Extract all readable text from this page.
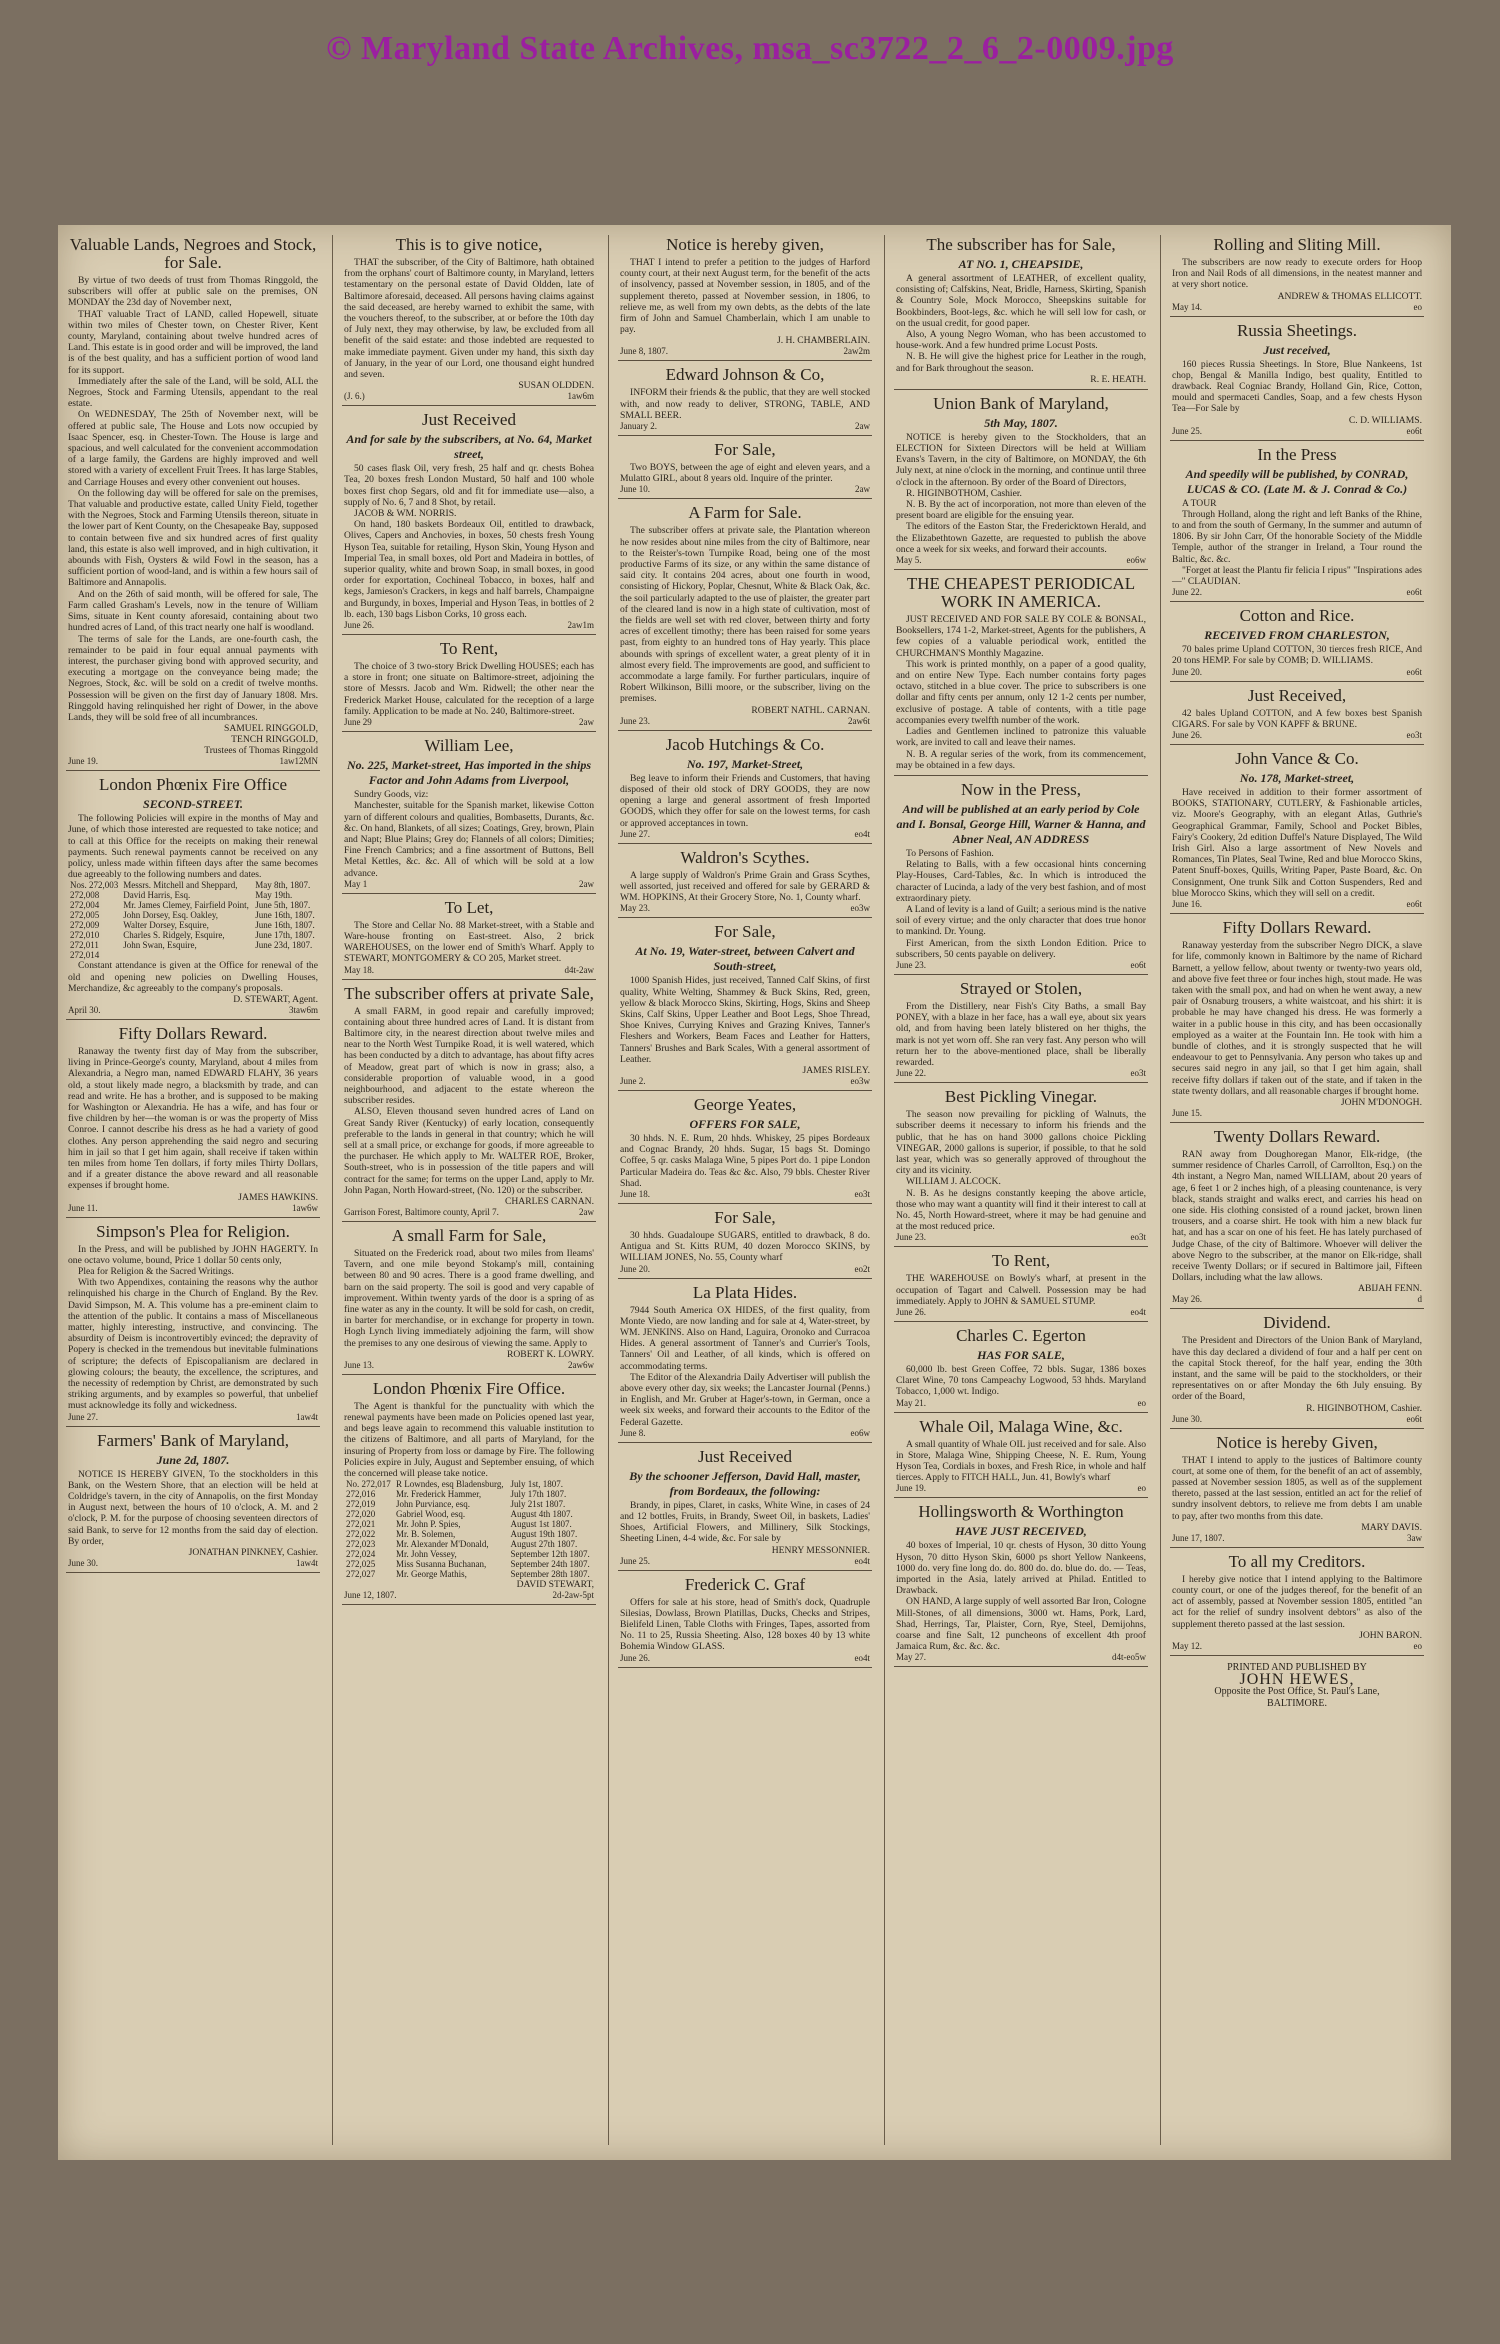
© Maryland State Archives, msa_sc3722_2_6_2-0009.jpg
Valuable Lands, Negroes and Stock, for Sale.

By virtue of two deeds of trust from Thomas Ringgold, the subscribers will offer at public sale on the premises, ON MONDAY the 23d day of November next,

THAT valuable Tract of LAND, called Hopewell, situate within two miles of Chester town, on Chester River, Kent county, Maryland, containing about twelve hundred acres of Land. This estate is in good order and will be improved, the land is of the best quality, and has a sufficient portion of wood land for its support.

Immediately after the sale of the Land, will be sold, ALL the Negroes, Stock and Farming Utensils, appendant to the real estate.

On WEDNESDAY, The 25th of November next, will be offered at public sale, The House and Lots now occupied by Isaac Spencer, esq. in Chester-Town. The House is large and spacious, and well calculated for the convenient accommodation of a large family, the Gardens are highly improved and well stored with a variety of excellent Fruit Trees. It has large Stables, and Carriage Houses and every other convenient out houses.

On the following day will be offered for sale on the premises, That valuable and productive estate, called Unity Field, together with the Negroes, Stock and Farming Utensils thereon, situate in the lower part of Kent County, on the Chesapeake Bay, supposed to contain between five and six hundred acres of first quality land, this estate is also well improved, and in high cultivation, it abounds with Fish, Oysters & wild Fowl in the season, has a sufficient portion of wood-land, and is within a few hours sail of Baltimore and Annapolis.

And on the 26th of said month, will be offered for sale, The Farm called Grasham's Levels, now in the tenure of William Sims, situate in Kent county aforesaid, containing about two hundred acres of Land, of this tract nearly one half is woodland.

The terms of sale for the Lands, are one-fourth cash, the remainder to be paid in four equal annual payments with interest, the purchaser giving bond with approved security, and executing a mortgage on the conveyance being made; the Negroes, Stock, &c. will be sold on a credit of twelve months. Possession will be given on the first day of January 1808. Mrs. Ringgold having relinquished her right of Dower, in the above Lands, they will be sold free of all incumbrances.

SAMUEL RINGGOLD,

TENCH RINGGOLD,

Trustees of Thomas Ringgold

June 19.	1aw12MN
London Phœnix Fire Office
SECOND-STREET.

The following Policies will expire in the months of May and June, of which those interested are requested to take notice; and to call at this Office for the receipts on making their renewal payments. Such renewal payments cannot be received on any policy, unless made within fifteen days after the same becomes due agreeably to the following numbers and dates.

Nos. 272,003	Messrs. Mitchell and Sheppard,	May 8th, 1807.
272,008	David Harris, Esq.	May 19th.
272,004	Mr. James Clemey, Fairfield Point,	June 5th, 1807.
272,005	John Dorsey, Esq. Oakley,	June 16th, 1807.
272,009	Walter Dorsey, Esquire,	June 16th, 1807.
272,010	Charles S. Ridgely, Esquire,	June 17th, 1807.
272,011	John Swan, Esquire,	June 23d, 1807.
272,014		

Constant attendance is given at the Office for renewal of the old and opening new policies on Dwelling Houses, Merchandize, &c agreeably to the company's proposals.

D. STEWART, Agent.

April 30.	3taw6m
Fifty Dollars Reward.

Ranaway the twenty first day of May from the subscriber, living in Prince-George's county, Maryland, about 4 miles from Alexandria, a Negro man, named EDWARD FLAHY, 36 years old, a stout likely made negro, a blacksmith by trade, and can read and write. He has a brother, and is supposed to be making for Washington or Alexandria. He has a wife, and has four or five children by her—the woman is or was the property of Miss Conroe. I cannot describe his dress as he had a variety of good clothes. Any person apprehending the said negro and securing him in jail so that I get him again, shall receive if taken within ten miles from home Ten dollars, if forty miles Thirty Dollars, and if a greater distance the above reward and all reasonable expenses if brought home.

JAMES HAWKINS.

June 11.	1aw6w
Simpson's Plea for Religion.

In the Press, and will be published by JOHN HAGERTY. In one octavo volume, bound, Price 1 dollar 50 cents only,

Plea for Religion & the Sacred Writings.

With two Appendixes, containing the reasons why the author relinquished his charge in the Church of England. By the Rev. David Simpson, M. A. This volume has a pre-eminent claim to the attention of the public. It contains a mass of Miscellaneous matter, highly interesting, instructive, and convincing. The absurdity of Deism is incontrovertibly evinced; the depravity of Popery is checked in the tremendous but inevitable fulminations of scripture; the defects of Episcopalianism are declared in glowing colours; the beauty, the excellence, the scriptures, and the necessity of redemption by Christ, are demonstrated by such striking arguments, and by examples so powerful, that unbelief must acknowledge its folly and wickedness.

June 27.	1aw4t
Farmers' Bank of Maryland,
June 2d, 1807.

NOTICE IS HEREBY GIVEN, To the stockholders in this Bank, on the Western Shore, that an election will be held at Coldridge's tavern, in the city of Annapolis, on the first Monday in August next, between the hours of 10 o'clock, A. M. and 2 o'clock, P. M. for the purpose of choosing seventeen directors of said Bank, to serve for 12 months from the said day of election. By order,

JONATHAN PINKNEY, Cashier.

June 30.	1aw4t
This is to give notice,

THAT the subscriber, of the City of Baltimore, hath obtained from the orphans' court of Baltimore county, in Maryland, letters testamentary on the personal estate of David Oldden, late of Baltimore aforesaid, deceased. All persons having claims against the said deceased, are hereby warned to exhibit the same, with the vouchers thereof, to the subscriber, at or before the 10th day of July next, they may otherwise, by law, be excluded from all benefit of the said estate: and those indebted are requested to make immediate payment. Given under my hand, this sixth day of January, in the year of our Lord, one thousand eight hundred and seven.

SUSAN OLDDEN.

(J. 6.)	1aw6m
Just Received
And for sale by the subscribers, at No. 64, Market street,

50 cases flask Oil, very fresh, 25 half and qr. chests Bohea Tea, 20 boxes fresh London Mustard, 50 half and 100 whole boxes first chop Segars, old and fit for immediate use—also, a supply of No. 6, 7 and 8 Shot, by retail.

JACOB & WM. NORRIS.

On hand, 180 baskets Bordeaux Oil, entitled to drawback, Olives, Capers and Anchovies, in boxes, 50 chests fresh Young Hyson Tea, suitable for retailing, Hyson Skin, Young Hyson and Imperial Tea, in small boxes, old Port and Madeira in bottles, of superior quality, white and brown Soap, in small boxes, in good order for exportation, Cochineal Tobacco, in boxes, half and kegs, Jamieson's Crackers, in kegs and half barrels, Champaigne and Burgundy, in boxes, Imperial and Hyson Teas, in bottles of 2 lb. each, 130 bags Lisbon Corks, 10 gross each.

June 26.	2aw1m
To Rent,

The choice of 3 two-story Brick Dwelling HOUSES; each has a store in front; one situate on Baltimore-street, adjoining the store of Messrs. Jacob and Wm. Ridwell; the other near the Frederick Market House, calculated for the reception of a large family. Application to be made at No. 240, Baltimore-street.

June 29	2aw
William Lee,
No. 225, Market-street, Has imported in the ships Factor and John Adams from Liverpool,

Sundry Goods, viz:

Manchester, suitable for the Spanish market, likewise Cotton yarn of different colours and qualities, Bombasetts, Durants, &c. &c. On hand, Blankets, of all sizes; Coatings, Grey, brown, Plain and Napt; Blue Plains; Grey do; Flannels of all colors; Dimities; Fine French Cambrics; and a fine assortment of Buttons, Bell Metal Kettles, &c. &c. All of which will be sold at a low advance.

May 1	2aw
To Let,

The Store and Cellar No. 88 Market-street, with a Stable and Ware-house fronting on East-street. Also, 2 brick WAREHOUSES, on the lower end of Smith's Wharf. Apply to STEWART, MONTGOMERY & CO 205, Market street.

May 18.	d4t-2aw
The subscriber offers at private Sale,

A small FARM, in good repair and carefully improved; containing about three hundred acres of Land. It is distant from Baltimore city, in the nearest direction about twelve miles and near to the North West Turnpike Road, it is well watered, which has been conducted by a ditch to advantage, has about fifty acres of Meadow, great part of which is now in grass; also, a considerable proportion of valuable wood, in a good neighbourhood, and adjacent to the estate whereon the subscriber resides.

ALSO, Eleven thousand seven hundred acres of Land on Great Sandy River (Kentucky) of early location, consequently preferable to the lands in general in that country; which he will sell at a small price, or exchange for goods, if more agreeable to the purchaser. He which apply to Mr. WALTER ROE, Broker, South-street, who is in possession of the title papers and will contract for the same; for terms on the upper Land, apply to Mr. John Pagan, North Howard-street, (No. 120) or the subscriber.

CHARLES CARNAN.

Garrison Forest, Baltimore county, April 7.	2aw
A small Farm for Sale,

Situated on the Frederick road, about two miles from Ileams' Tavern, and one mile beyond Stokamp's mill, containing between 80 and 90 acres. There is a good frame dwelling, and barn on the said property. The soil is good and very capable of improvement. Within twenty yards of the door is a spring of as fine water as any in the county. It will be sold for cash, on credit, in barter for merchandise, or in exchange for property in town. Hogh Lynch living immediately adjoining the farm, will show the premises to any one desirous of viewing the same. Apply to

ROBERT K. LOWRY.

June 13.	2aw6w
London Phœnix Fire Office.

The Agent is thankful for the punctuality with which the renewal payments have been made on Policies opened last year, and begs leave again to recommend this valuable institution to the citizens of Baltimore, and all parts of Maryland, for the insuring of Property from loss or damage by Fire. The following Policies expire in July, August and September ensuing, of which the concerned will please take notice.

No. 272,017	R Lowndes, esq Bladensburg,	July 1st, 1807.
272,016	Mr. Frederick Hammer,	July 17th 1807.
272,019	John Purviance, esq.	July 21st 1807.
272,020	Gabriel Wood, esq.	August 4th 1807.
272,021	Mr. John P. Spies,	August 1st 1807.
272,022	Mr. B. Solemen,	August 19th 1807.
272,023	Mr. Alexander M'Donald,	August 27th 1807.
272,024	Mr. John Vessey,	September 12th 1807.
272,025	Miss Susanna Buchanan,	September 24th 1807.
272,027	Mr. George Mathis,	September 28th 1807.

DAVID STEWART,

June 12, 1807.	2d-2aw-5pt
Notice is hereby given,

THAT I intend to prefer a petition to the judges of Harford county court, at their next August term, for the benefit of the acts of insolvency, passed at November session, in 1805, and of the supplement thereto, passed at November session, in 1806, to relieve me, as well from my own debts, as the debts of the late firm of John and Samuel Chamberlain, which I am unable to pay.

J. H. CHAMBERLAIN.

June 8, 1807.	2aw2m
Edward Johnson & Co,

INFORM their friends & the public, that they are well stocked with, and now ready to deliver, STRONG, TABLE, AND SMALL BEER.

January 2.	2aw
For Sale,

Two BOYS, between the age of eight and eleven years, and a Mulatto GIRL, about 8 years old. Inquire of the printer.

June 10.	2aw
A Farm for Sale.

The subscriber offers at private sale, the Plantation whereon he now resides about nine miles from the city of Baltimore, near to the Reister's-town Turnpike Road, being one of the most productive Farms of its size, or any within the same distance of said city. It contains 204 acres, about one fourth in wood, consisting of Hickory, Poplar, Chesnut, White & Black Oak, &c. the soil particularly adapted to the use of plaister, the greater part of the cleared land is now in a high state of cultivation, most of the fields are well set with red clover, between thirty and forty acres of excellent timothy; there has been raised for some years past, from eighty to an hundred tons of Hay yearly. This place abounds with springs of excellent water, a great plenty of it in almost every field. The improvements are good, and sufficient to accommodate a large family. For further particulars, inquire of Robert Wilkinson, Billi moore, or the subscriber, living on the premises.

ROBERT NATHL. CARNAN.

June 23.	2aw6t
Jacob Hutchings & Co.
No. 197, Market-Street,

Beg leave to inform their Friends and Customers, that having disposed of their old stock of DRY GOODS, they are now opening a large and general assortment of fresh Imported GOODS, which they offer for sale on the lowest terms, for cash or approved acceptances in town.

June 27.	eo4t
Waldron's Scythes.

A large supply of Waldron's Prime Grain and Grass Scythes, well assorted, just received and offered for sale by GERARD & WM. HOPKINS, At their Grocery Store, No. 1, County wharf.

May 23.	eo3w
For Sale,
At No. 19, Water-street, between Calvert and South-street,

1000 Spanish Hides, just received, Tanned Calf Skins, of first quality, White Welting, Shammey & Buck Skins, Red, green, yellow & black Morocco Skins, Skirting, Hogs, Skins and Sheep Skins, Calf Skins, Upper Leather and Boot Legs, Shoe Thread, Shoe Knives, Currying Knives and Grazing Knives, Tanner's Fleshers and Workers, Beam Faces and Leather for Hatters, Tanners' Brushes and Bark Scales, With a general assortment of Leather.

JAMES RISLEY.

June 2.	eo3w
George Yeates,
OFFERS FOR SALE,

30 hhds. N. E. Rum, 20 hhds. Whiskey, 25 pipes Bordeaux and Cognac Brandy, 20 hhds. Sugar, 15 bags St. Domingo Coffee, 5 qr. casks Malaga Wine, 5 pipes Port do. 1 pipe London Particular Madeira do. Teas &c &c. Also, 79 bbls. Chester River Shad.

June 18.	eo3t
For Sale,

30 hhds. Guadaloupe SUGARS, entitled to drawback, 8 do. Antigua and St. Kitts RUM, 40 dozen Morocco SKINS, by WILLIAM JONES, No. 55, County wharf

June 20.	eo2t
La Plata Hides.

7944 South America OX HIDES, of the first quality, from Monte Viedo, are now landing and for sale at 4, Water-street, by WM. JENKINS. Also on Hand, Laguira, Oronoko and Curracoa Hides. A general assortment of Tanner's and Currier's Tools, Tanners' Oil and Leather, of all kinds, which is offered on accommodating terms.

The Editor of the Alexandria Daily Advertiser will publish the above every other day, six weeks; the Lancaster Journal (Penns.) in English, and Mr. Gruber at Hager's-town, in German, once a week six weeks, and forward their accounts to the Editor of the Federal Gazette.

June 8.	eo6w
Just Received
By the schooner Jefferson, David Hall, master, from Bordeaux, the following:

Brandy, in pipes, Claret, in casks, White Wine, in cases of 24 and 12 bottles, Fruits, in Brandy, Sweet Oil, in baskets, Ladies' Shoes, Artificial Flowers, and Millinery, Silk Stockings, Sheeting Linen, 4-4 wide, &c. For sale by

HENRY MESSONNIER.

June 25.	eo4t
Frederick C. Graf

Offers for sale at his store, head of Smith's dock, Quadruple Silesias, Dowlass, Brown Platillas, Ducks, Checks and Stripes, Bielifeld Linen, Table Cloths with Fringes, Tapes, assorted from No. 11 to 25, Russia Sheeting. Also, 128 boxes 40 by 13 white Bohemia Window GLASS.

June 26.	eo4t
The subscriber has for Sale,
AT NO. 1, CHEAPSIDE,

A general assortment of LEATHER, of excellent quality, consisting of; Calfskins, Neat, Bridle, Harness, Skirting, Spanish & Country Sole, Mock Morocco, Sheepskins suitable for Bookbinders, Boot-legs, &c. which he will sell low for cash, or on the usual credit, for good paper.

Also, A young Negro Woman, who has been accustomed to house-work. And a few hundred prime Locust Posts.

N. B. He will give the highest price for Leather in the rough, and for Bark throughout the season.

R. E. HEATH.

Union Bank of Maryland,
5th May, 1807.

NOTICE is hereby given to the Stockholders, that an ELECTION for Sixteen Directors will be held at William Evans's Tavern, in the city of Baltimore, on MONDAY, the 6th July next, at nine o'clock in the morning, and continue until three o'clock in the afternoon. By order of the Board of Directors,

R. HIGINBOTHOM, Cashier.

N. B. By the act of incorporation, not more than eleven of the present board are eligible for the ensuing year.

The editors of the Easton Star, the Fredericktown Herald, and the Elizabethtown Gazette, are requested to publish the above once a week for six weeks, and forward their accounts.

May 5.	eo6w
THE CHEAPEST PERIODICAL WORK IN AMERICA.

JUST RECEIVED AND FOR SALE BY COLE & BONSAL, Booksellers, 174 1-2, Market-street, Agents for the publishers, A few copies of a valuable periodical work, entitled the CHURCHMAN'S Monthly Magazine.

This work is printed monthly, on a paper of a good quality, and on entire New Type. Each number contains forty pages octavo, stitched in a blue cover. The price to subscribers is one dollar and fifty cents per annum, only 12 1-2 cents per number, exclusive of postage. A table of contents, with a title page accompanies every twelfth number of the work.

Ladies and Gentlemen inclined to patronize this valuable work, are invited to call and leave their names.

N. B. A regular series of the work, from its commencement, may be obtained in a few days.

Now in the Press,
And will be published at an early period by Cole and I. Bonsal, George Hill, Warner & Hanna, and Abner Neal, AN ADDRESS

To Persons of Fashion.

Relating to Balls, with a few occasional hints concerning Play-Houses, Card-Tables, &c. In which is introduced the character of Lucinda, a lady of the very best fashion, and of most extraordinary piety.

A Land of levity is a land of Guilt; a serious mind is the native soil of every virtue; and the only character that does true honor to mankind. Dr. Young.

First American, from the sixth London Edition. Price to subscribers, 50 cents payable on delivery.

June 23.	eo6t
Strayed or Stolen,

From the Distillery, near Fish's City Baths, a small Bay PONEY, with a blaze in her face, has a wall eye, about six years old, and from having been lately blistered on her thighs, the mark is not yet worn off. She ran very fast. Any person who will return her to the above-mentioned place, shall be liberally rewarded.

June 22.	eo3t
Best Pickling Vinegar.

The season now prevailing for pickling of Walnuts, the subscriber deems it necessary to inform his friends and the public, that he has on hand 3000 gallons choice Pickling VINEGAR, 2000 gallons is superior, if possible, to that he sold last year, which was so generally approved of throughout the city and its vicinity.

WILLIAM J. ALCOCK.

N. B. As he designs constantly keeping the above article, those who may want a quantity will find it their interest to call at No. 45, North Howard-street, where it may be had genuine and at the most reduced price.

June 23.	eo3t
To Rent,

THE WAREHOUSE on Bowly's wharf, at present in the occupation of Tagart and Calwell. Possession may be had immediately. Apply to JOHN & SAMUEL STUMP.

June 26.	eo4t
Charles C. Egerton
HAS FOR SALE,

60,000 lb. best Green Coffee, 72 bbls. Sugar, 1386 boxes Claret Wine, 70 tons Campeachy Logwood, 53 hhds. Maryland Tobacco, 1,000 wt. Indigo.

May 21.	eo
Whale Oil, Malaga Wine, &c.

A small quantity of Whale OIL just received and for sale. Also in Store, Malaga Wine, Shipping Cheese, N. E. Rum, Young Hyson Tea, Cordials in boxes, and Fresh Rice, in whole and half tierces. Apply to FITCH HALL, Jun. 41, Bowly's wharf

June 19.	eo
Hollingsworth & Worthington
HAVE JUST RECEIVED,

40 boxes of Imperial, 10 qr. chests of Hyson, 30 ditto Young Hyson, 70 ditto Hyson Skin, 6000 ps short Yellow Nankeens, 1000 do. very fine long do. do. 800 do. do. blue do. do. — Teas, imported in the Asia, lately arrived at Philad. Entitled to Drawback.

ON HAND, A large supply of well assorted Bar Iron, Cologne Mill-Stones, of all dimensions, 3000 wt. Hams, Pork, Lard, Shad, Herrings, Tar, Plaister, Corn, Rye, Steel, Demijohns, coarse and fine Salt, 12 puncheons of excellent 4th proof Jamaica Rum, &c. &c. &c.

May 27.	d4t-eo5w
Rolling and Sliting Mill.

The subscribers are now ready to execute orders for Hoop Iron and Nail Rods of all dimensions, in the neatest manner and at very short notice.

ANDREW & THOMAS ELLICOTT.

May 14.	eo
Russia Sheetings.
Just received,

160 pieces Russia Sheetings. In Store, Blue Nankeens, 1st chop, Bengal & Manilla Indigo, best quality, Entitled to drawback. Real Cogniac Brandy, Holland Gin, Rice, Cotton, mould and spermaceti Candles, Soap, and a few chests Hyson Tea—For Sale by

C. D. WILLIAMS.

June 25.	eo6t
In the Press
And speedily will be published, by CONRAD, LUCAS & CO. (Late M. & J. Conrad & Co.)

A TOUR

Through Holland, along the right and left Banks of the Rhine, to and from the south of Germany, In the summer and autumn of 1806. By sir John Carr, Of the honorable Society of the Middle Temple, author of the stranger in Ireland, a Tour round the Baltic, &c. &c.

"Forget at least the Plantu fir felicia I ripus" "Inspirations ades—" CLAUDIAN.

June 22.	eo6t
Cotton and Rice.
RECEIVED FROM CHARLESTON,

70 bales prime Upland COTTON, 30 tierces fresh RICE, And 20 tons HEMP. For sale by COMB; D. WILLIAMS.

June 20.	eo6t
Just Received,

42 bales Upland COTTON, and A few boxes best Spanish CIGARS. For sale by VON KAPFF & BRUNE.

June 26.	eo3t
John Vance & Co.
No. 178, Market-street,

Have received in addition to their former assortment of BOOKS, STATIONARY, CUTLERY, & Fashionable articles, viz. Moore's Geography, with an elegant Atlas, Guthrie's Geographical Grammar, Family, School and Pocket Bibles, Fairy's Cookery, 2d edition Duffel's Nature Displayed, The Wild Irish Girl. Also a large assortment of New Novels and Romances, Tin Plates, Seal Twine, Red and blue Morocco Skins, Patent Snuff-boxes, Quills, Writing Paper, Paste Board, &c. On Consignment, One trunk Silk and Cotton Suspenders, Red and blue Morocco Skins, which they will sell on a credit.

June 16.	eo6t
Fifty Dollars Reward.

Ranaway yesterday from the subscriber Negro DICK, a slave for life, commonly known in Baltimore by the name of Richard Barnett, a yellow fellow, about twenty or twenty-two years old, and above five feet three or four inches high, stout made. He was taken with the small pox, and had on when he went away, a new pair of Osnaburg trousers, a white waistcoat, and his shirt: it is probable he may have changed his dress. He was formerly a waiter in a public house in this city, and has been occasionally employed as a waiter at the Fountain Inn. He took with him a bundle of clothes, and it is strongly suspected that he will endeavour to get to Pennsylvania. Any person who takes up and secures said negro in any jail, so that I get him again, shall receive fifty dollars if taken out of the state, and if taken in the state twenty dollars, and all reasonable charges if brought home.

JOHN M'DONOGH.

June 15.
Twenty Dollars Reward.

RAN away from Doughoregan Manor, Elk-ridge, (the summer residence of Charles Carroll, of Carrollton, Esq.) on the 4th instant, a Negro Man, named WILLIAM, about 20 years of age, 6 feet 1 or 2 inches high, of a pleasing countenance, is very black, stands straight and walks erect, and carries his head on one side. His clothing consisted of a round jacket, brown linen trousers, and a coarse shirt. He took with him a new black fur hat, and has a scar on one of his feet. He has lately purchased of Judge Chase, of the city of Baltimore. Whoever will deliver the above Negro to the subscriber, at the manor on Elk-ridge, shall receive Twenty Dollars; or if secured in Baltimore jail, Fifteen Dollars, including what the law allows.

ABIJAH FENN.

May 26.	d
Dividend.

The President and Directors of the Union Bank of Maryland, have this day declared a dividend of four and a half per cent on the capital Stock thereof, for the half year, ending the 30th instant, and the same will be paid to the stockholders, or their representatives on or after Monday the 6th July ensuing. By order of the Board,

R. HIGINBOTHOM, Cashier.

June 30.	eo6t
Notice is hereby Given,

THAT I intend to apply to the justices of Baltimore county court, at some one of them, for the benefit of an act of assembly, passed at November session 1805, as well as of the supplement thereto, passed at the last session, entitled an act for the relief of sundry insolvent debtors, to relieve me from debts I am unable to pay, after two months from this date.

MARY DAVIS.

June 17, 1807.	3aw
To all my Creditors.

I hereby give notice that I intend applying to the Baltimore county court, or one of the judges thereof, for the benefit of an act of assembly, passed at November session 1805, entitled "an act for the relief of sundry insolvent debtors" as also of the supplement thereto passed at the last session.

JOHN BARON.

May 12.	eo
PRINTED AND PUBLISHED BY
JOHN HEWES,
Opposite the Post Office, St. Paul's Lane,
BALTIMORE.
